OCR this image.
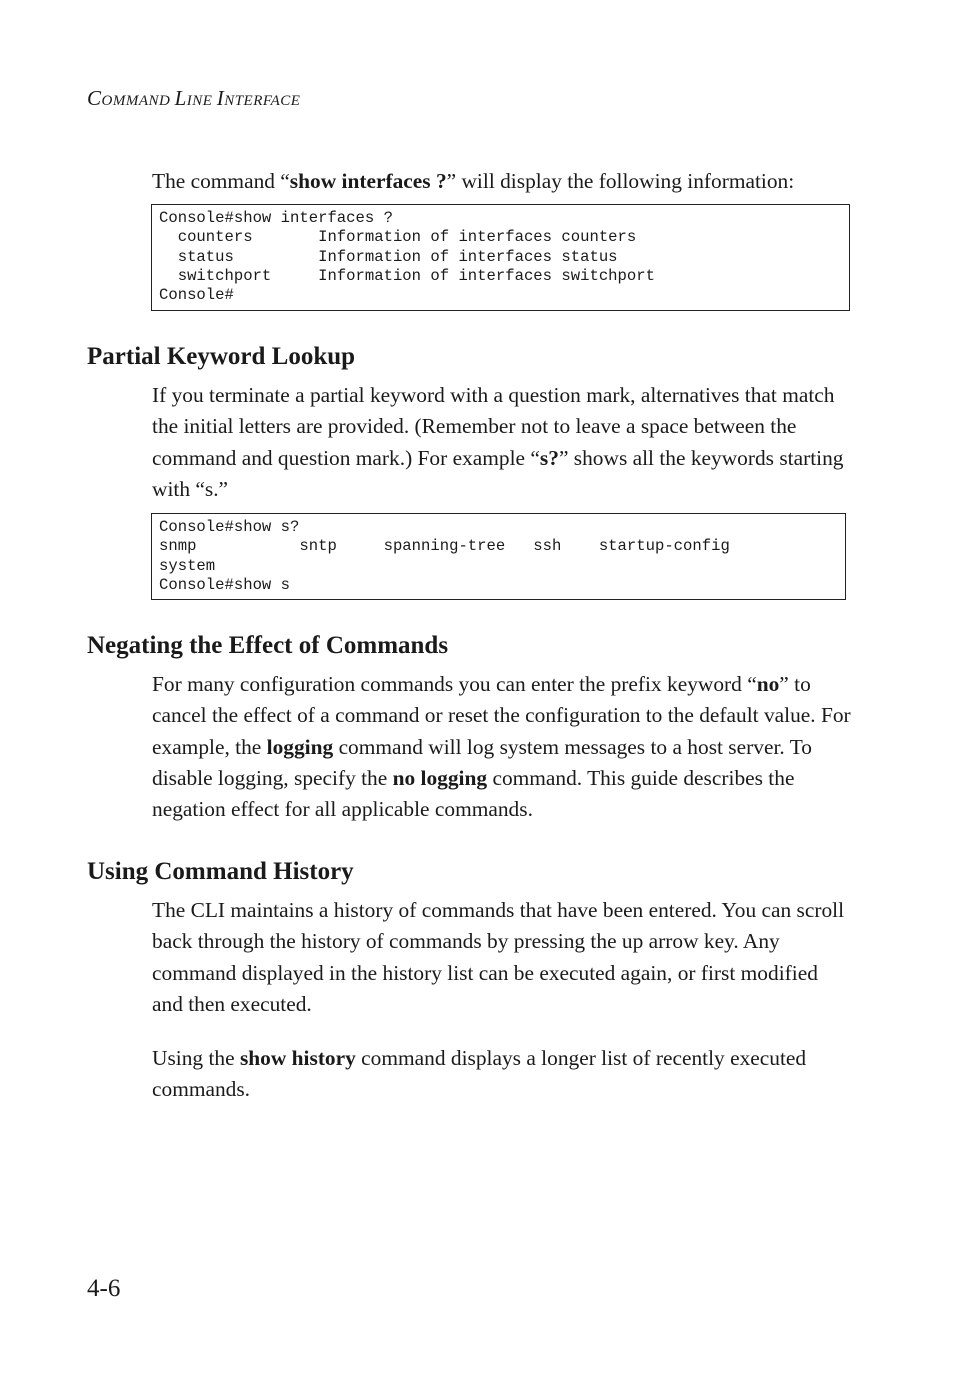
COMMAND LINE INTERFACE
The command “show interfaces ?” will display the following information:
Console#show interfaces ?
counters       Information of interfaces counters
status         Information of interfaces status
switchport     Information of interfaces switchport
Console#
Partial Keyword Lookup
If you terminate a partial keyword with a question mark, alternatives that match the initial letters are provided. (Remember not to leave a space between the command and question mark.) For example “s?” shows all the keywords starting with “s.”
Console#show s?
snmp           sntp     spanning-tree   ssh    startup-config
system
Console#show s
Negating the Effect of Commands
For many configuration commands you can enter the prefix keyword “no” to cancel the effect of a command or reset the configuration to the default value. For example, the logging command will log system messages to a host server. To disable logging, specify the no logging command. This guide describes the negation effect for all applicable commands.
Using Command History
The CLI maintains a history of commands that have been entered. You can scroll back through the history of commands by pressing the up arrow key. Any command displayed in the history list can be executed again, or first modified and then executed.
Using the show history command displays a longer list of recently executed commands.
4-6
